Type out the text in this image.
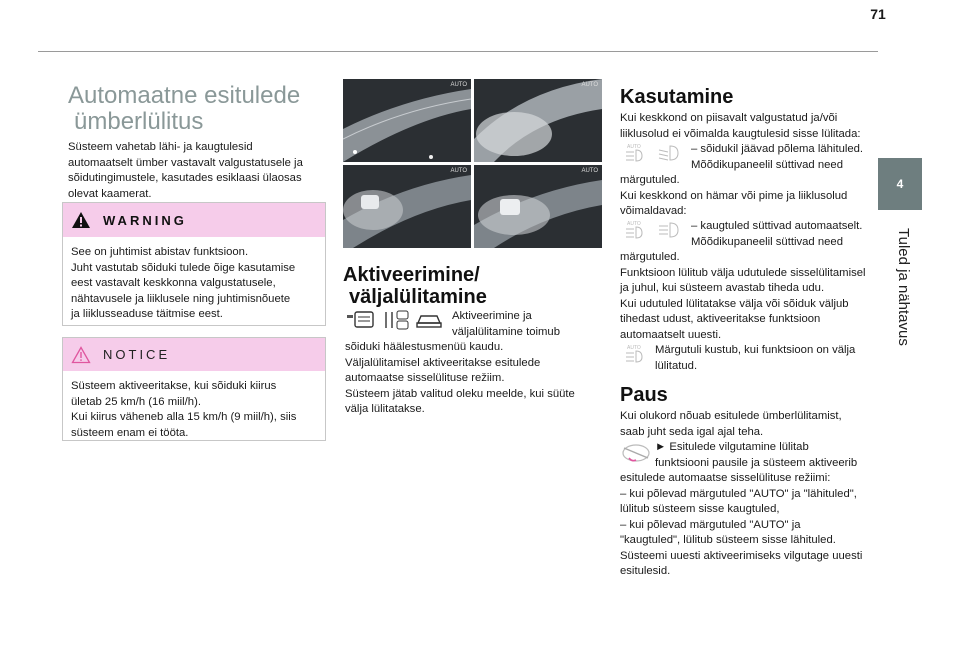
71
4
Tuled ja nähtavus
Automaatne esitulede
ümberlülitus
Süsteem vahetab lähi- ja kaugtulesid
automaatselt ümber vastavalt valgustatusele ja
sõidutingimustele, kasutades esiklaasi ülaosas
olevat kaamerat.
WARNING
See on juhtimist abistav funktsioon.
Juht vastutab sõiduki tulede õige kasutamise
eest vastavalt keskkonna valgustatusele,
nähtavusele ja liiklusele ning juhtimisnõuete
ja liiklusseaduse täitmise eest.
NOTICE
Süsteem aktiveeritakse, kui sõiduki kiirus
ületab 25 km/h (16 miil/h).
Kui kiirus väheneb alla 15 km/h (9 miil/h), siis
süsteem enam ei tööta.
AUTO	AUTO
AUTO	AUTO
Aktiveerimine/
väljalülitamine
Aktiveerimine ja
väljalülitamine toimub
sõiduki häälestusmenüü kaudu.
Väljalülitamisel aktiveeritakse esitulede
automaatse sisselülituse režiim.
Süsteem jätab valitud oleku meelde, kui süüte
välja lülitatakse.
Kasutamine
Kui keskkond on piisavalt valgustatud ja/või
liiklusolud ei võimalda kaugtulesid sisse lülitada:
AUTO	– sõidukil jäävad põlema lähituled.
Mõõdikupaneelil süttivad need
märgutuled.
Kui keskkond on hämar või pime ja liiklusolud
võimaldavad:
AUTO	– kaugtuled süttivad automaatselt.
Mõõdikupaneelil süttivad need
märgutuled.
Funktsioon lülitub välja udutulede sisselülitamisel
ja juhul, kui süsteem avastab tiheda udu.
Kui udutuled lülitatakse välja või sõiduk väljub
tihedast udust, aktiveeritakse funktsioon
automaatselt uuesti.
AUTO Märgutuli kustub, kui funktsioon on välja
lülitatud.
Paus
Kui olukord nõuab esitulede ümberlülitamist,
saab juht seda igal ajal teha.
► Esitulede vilgutamine lülitab
funktsiooni pausile ja süsteem aktiveerib
esitulede automaatse sisselülituse režiimi:
– kui põlevad märgutuled "AUTO" ja "lähituled",
lülitub süsteem sisse kaugtuled,
– kui põlevad märgutuled "AUTO" ja
"kaugtuled", lülitub süsteem sisse lähituled.
Süsteemi uuesti aktiveerimiseks vilgutage uuesti
esitulesid.
